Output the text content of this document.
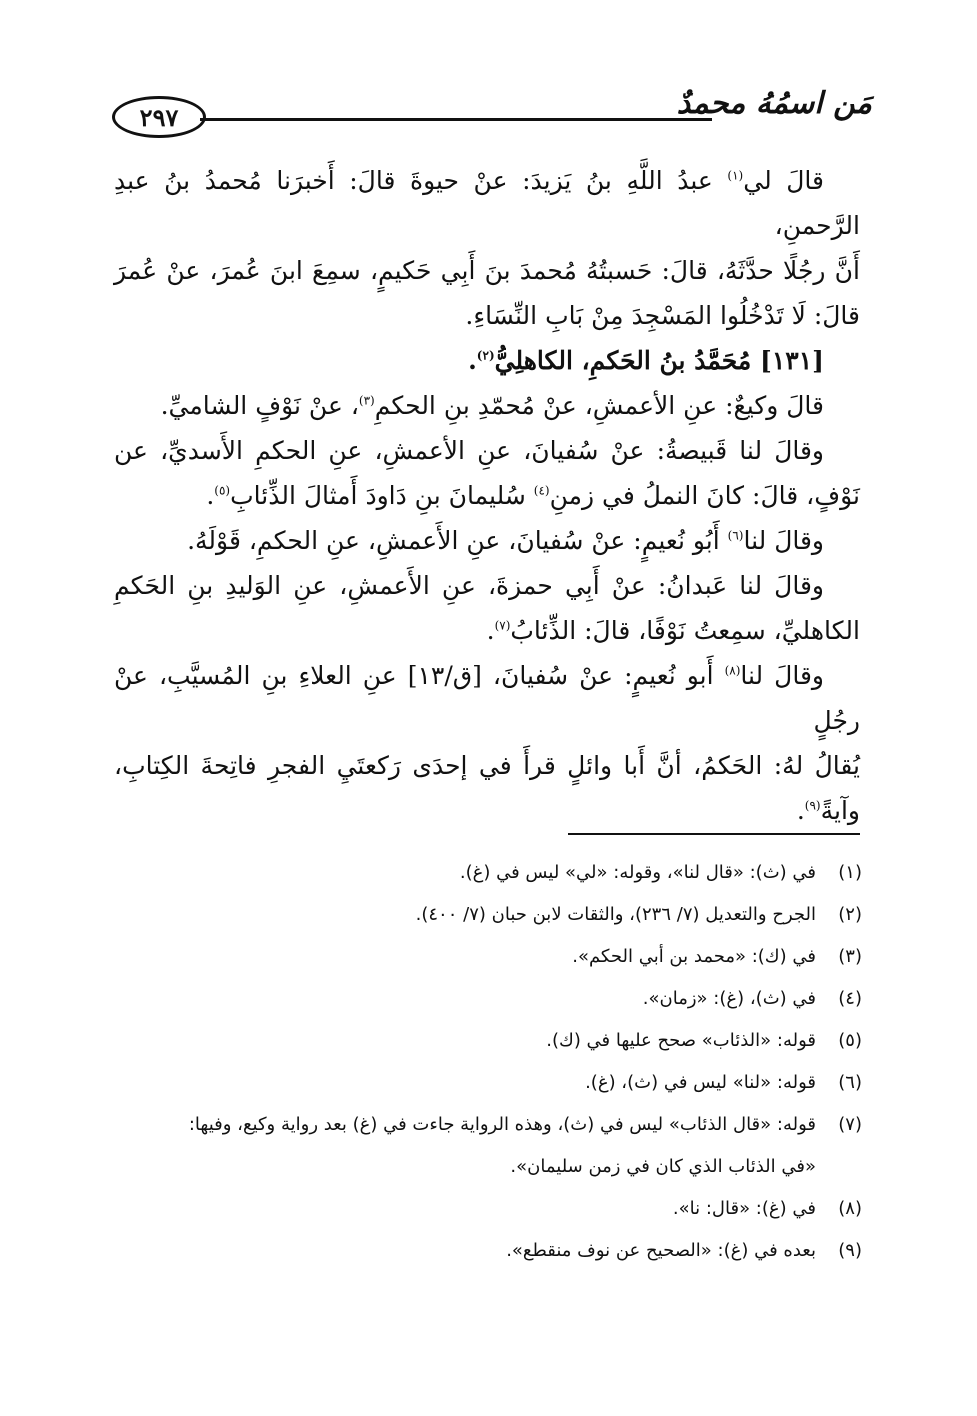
مَن اسمُهُ محمدٌ
٢٩٧

قالَ لي$^{(١)}$ عبدُ اللَّهِ بنُ يَزيدَ: عنْ حيوةَ قالَ: أَخبرَنا مُحمدُ بنُ عبدِ الرَّحمنِ،

أَنَّ رجُلًا حدَّثَهُ، قالَ: حَسبتُهُ مُحمدَ بنَ أَبِي حَكيمٍ، سمِعَ ابنَ عُمرَ، عنْ عُمرَ

قالَ: لَا تَدْخُلُوا المَسْجِدَ مِنْ بَابِ النِّسَاءِ.

[١٣١] مُحَمَّدُ بنُ الحَكمِ، الكاهلِيُّ$^{(٢)}$.

قالَ وكيعٌ: عنِ الأعمشِ، عنْ مُحمّدِ بنِ الحكمِ$^{(٣)}$، عنْ نَوْفٍ الشاميِّ.

وقالَ لنا قَبيصةُ: عنْ سُفيانَ، عنِ الأعمشِ، عنِ الحكمِ الأَسديِّ، عن

نَوْفٍ، قالَ: كانَ النملُ في زمنِ$^{(٤)}$ سُليمانَ بنِ دَاودَ أَمثالَ الذِّئابِ$^{(٥)}$.

وقالَ لنا$^{(٦)}$ أَبُو نُعيمٍ: عنْ سُفيانَ، عنِ الأَعمشِ، عنِ الحكمِ، قَوْلَهُ.

وقالَ لنا عَبدانُ: عنْ أَبِي حمزةَ، عنِ الأَعمشِ، عنِ الوَليدِ بنِ الحَكمِ

الكاهليِّ، سمِعتُ نَوْفًا، قالَ: الذِّئابُ$^{(٧)}$.

وقالَ لنا$^{(٨)}$ أَبو نُعيمٍ: عنْ سُفيانَ، [ق/١٣] عنِ العلاءِ بنِ المُسيَّبِ، عنْ رجُلٍ

يُقالُ لهُ: الحَكمُ، أنَّ أَبا وائلٍ قرأَ في إحدَى رَكعتَيِ الفجرِ فاتِحةَ الكِتابِ، وآيةً$^{(٩)}$.

(١)
في (ث): «قال لنا»، وقوله: «لي» ليس في (غ).
(٢)
الجرح والتعديل (٧/ ٢٣٦)، والثقات لابن حبان (٧/ ٤٠٠).
(٣)
في (ك): «محمد بن أبي الحكم».
(٤)
في (ث)، (غ): «زمان».
(٥)
قوله: «الذئاب» صحح عليها في (ك).
(٦)
قوله: «لنا» ليس في (ث)، (غ).
(٧)
قوله: «قال الذئاب» ليس في (ث)، وهذه الرواية جاءت في (غ) بعد رواية وكيع، وفيها:
«في الذئاب الذي كان في زمن سليمان».
(٨)
في (غ): «قال: نا».
(٩)
بعده في (غ): «الصحيح عن نوف منقطع».
